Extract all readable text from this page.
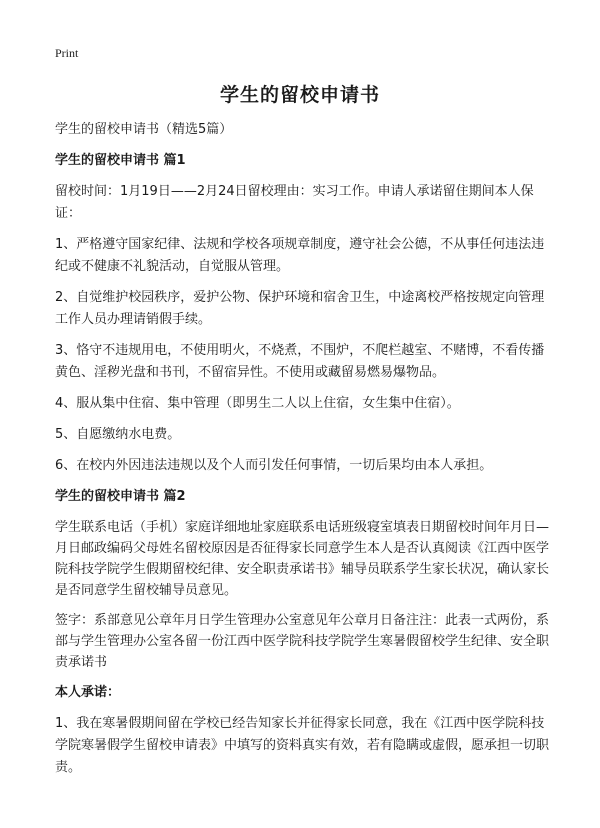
Print
学生的留校申请书

学生的留校申请书（精选5篇）

学生的留校申请书 篇1

留校时间：1月19日——2月24日留校理由：实习工作。申请人承诺留住期间本人保证：

1、严格遵守国家纪律、法规和学校各项规章制度，遵守社会公德，不从事任何违法违纪或不健康不礼貌活动，自觉服从管理。

2、自觉维护校园秩序，爱护公物、保护环境和宿舍卫生，中途离校严格按规定向管理工作人员办理请销假手续。

3、恪守不违规用电，不使用明火，不烧煮，不围炉，不爬栏越室、不赌博，不看传播黄色、淫秽光盘和书刊，不留宿异性。不使用或藏留易燃易爆物品。

4、服从集中住宿、集中管理（即男生二人以上住宿，女生集中住宿）。

5、自愿缴纳水电费。

6、在校内外因违法违规以及个人而引发任何事情，一切后果均由本人承担。

学生的留校申请书 篇2

学生联系电话（手机）家庭详细地址家庭联系电话班级寝室填表日期留校时间年月日—月日邮政编码父母姓名留校原因是否征得家长同意学生本人是否认真阅读《江西中医学院科技学院学生假期留校纪律、安全职责承诺书》辅导员联系学生家长状况，确认家长是否同意学生留校辅导员意见。

签字：系部意见公章年月日学生管理办公室意见年公章月日备注注：此表一式两份，系部与学生管理办公室各留一份江西中医学院科技学院学生寒暑假留校学生纪律、安全职责承诺书

本人承诺：

1、我在寒暑假期间留在学校已经告知家长并征得家长同意，我在《江西中医学院科技学院寒暑假学生留校申请表》中填写的资料真实有效，若有隐瞒或虚假，愿承担一切职责。
